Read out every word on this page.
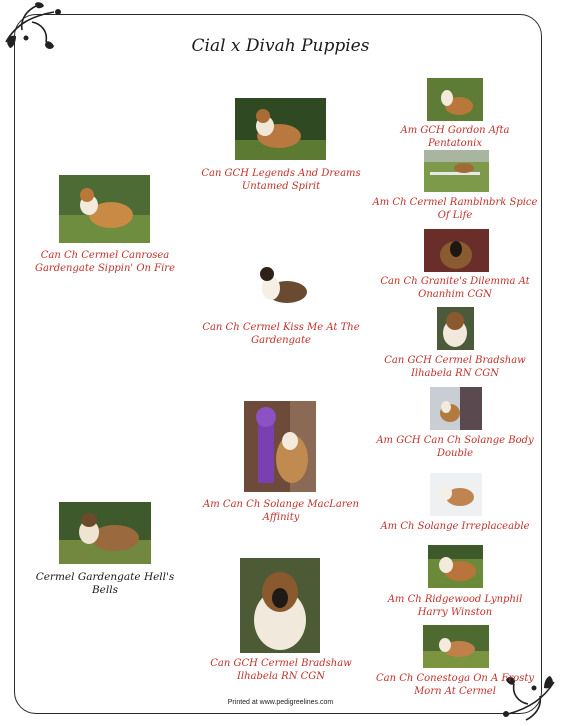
Cial x Divah Puppies
Can Ch Cermel Canrosea Gardengate Sippin' On Fire
Cermel Gardengate Hell's Bells
Can GCH Legends And Dreams Untamed Spirit
Can Ch Cermel Kiss Me At The Gardengate
Am Can Ch Solange MacLaren Affinity
Can GCH Cermel Bradshaw Ilhabela RN CGN
Am GCH Gordon Afta Pentatonix
Am Ch Cermel Ramblnbrk Spice Of Life
Can Ch Granite's Dilemma At Onanhim CGN
Can GCH Cermel Bradshaw Ilhabela RN CGN
Am GCH Can Ch Solange Body Double
Am Ch Solange Irreplaceable
Am Ch Ridgewood Lynphil Harry Winston
Can Ch Conestoga On A Frosty Morn At Cermel
Printed at www.pedigreelines.com
